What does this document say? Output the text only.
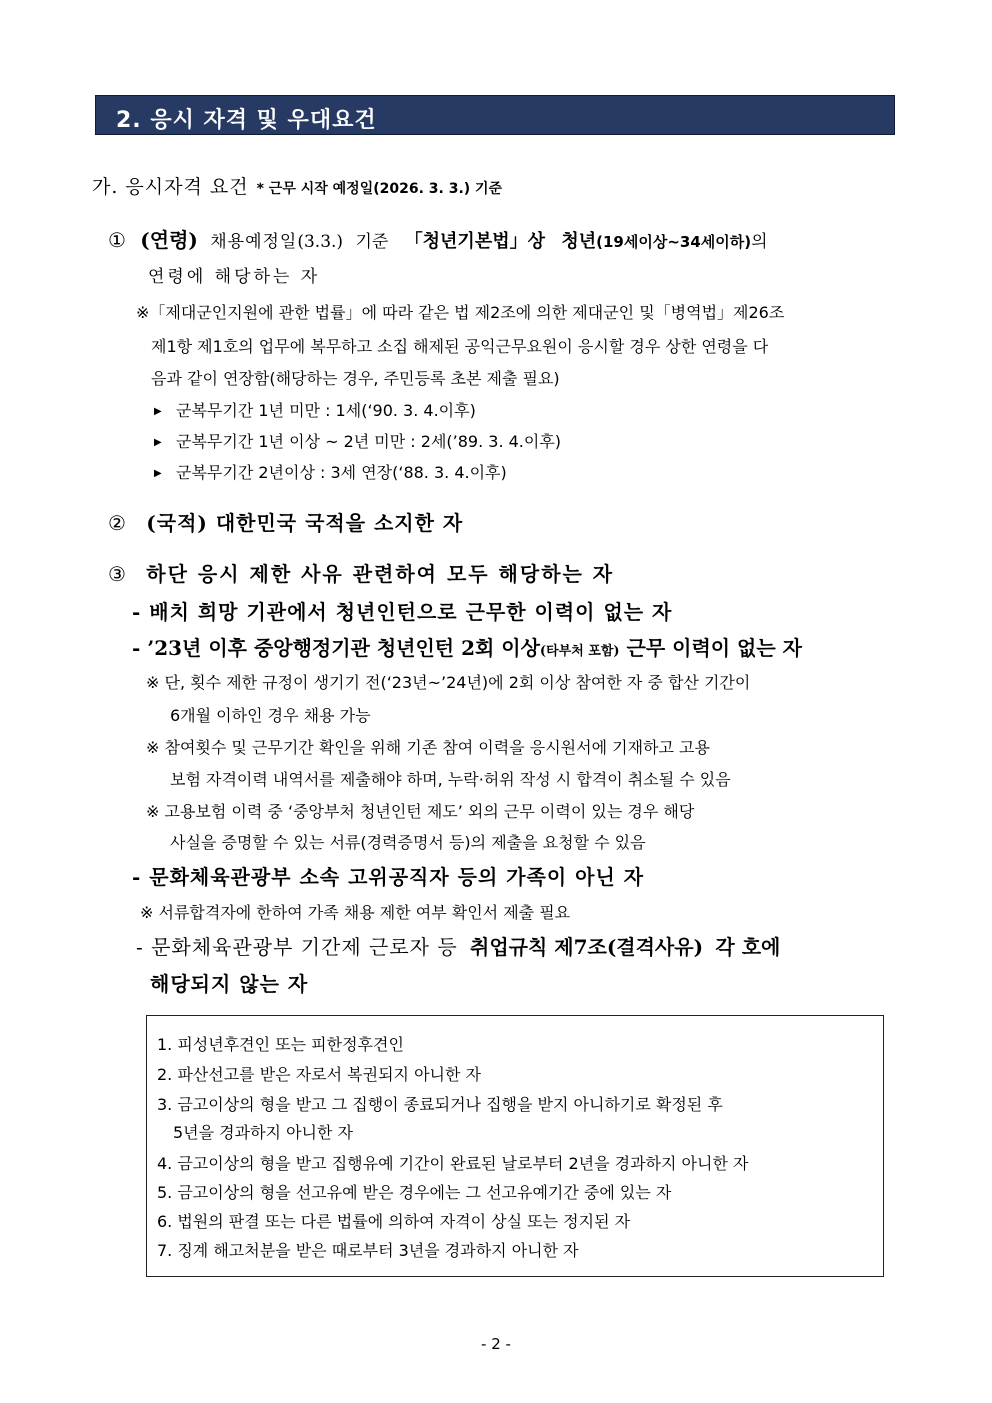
2. 응시 자격 및 우대요건
가. 응시자격 요건 * 근무 시작 예정일(2026. 3. 3.) 기준
① (연령) 채용예정일(3.3.) 기준 「청년기본법」상 청년(19세이상~34세이하)의
연령에 해당하는 자
※「제대군인지원에 관한 법률」에 따라 같은 법 제2조에 의한 제대군인 및「병역법」제26조
제1항 제1호의 업무에 복무하고 소집 해제된 공익근무요원이 응시할 경우 상한 연령을 다
음과 같이 연장함(해당하는 경우, 주민등록 초본 제출 필요)
▶ 군복무기간 1년 미만 : 1세(‘90. 3. 4.이후)
▶ 군복무기간 1년 이상 ~ 2년 미만 : 2세(’89. 3. 4.이후)
▶ 군복무기간 2년이상 : 3세 연장(‘88. 3. 4.이후)
② (국적) 대한민국 국적을 소지한 자
③ 하단 응시 제한 사유 관련하여 모두 해당하는 자
- 배치 희망 기관에서 청년인턴으로 근무한 이력이 없는 자
- ’23년 이후 중앙행정기관 청년인턴 2회 이상(타부처 포함) 근무 이력이 없는 자
※ 단, 횟수 제한 규정이 생기기 전(‘23년~’24년)에 2회 이상 참여한 자 중 합산 기간이
6개월 이하인 경우 채용 가능
※ 참여횟수 및 근무기간 확인을 위해 기존 참여 이력을 응시원서에 기재하고 고용
보험 자격이력 내역서를 제출해야 하며, 누락·허위 작성 시 합격이 취소될 수 있음
※ 고용보험 이력 중 ‘중앙부처 청년인턴 제도’ 외의 근무 이력이 있는 경우 해당
사실을 증명할 수 있는 서류(경력증명서 등)의 제출을 요청할 수 있음
- 문화체육관광부 소속 고위공직자 등의 가족이 아닌 자
※ 서류합격자에 한하여 가족 채용 제한 여부 확인서 제출 필요
- 문화체육관광부 기간제 근로자 등 취업규칙 제7조(결격사유) 각 호에
해당되지 않는 자
1. 피성년후견인 또는 피한정후견인
2. 파산선고를 받은 자로서 복권되지 아니한 자
3. 금고이상의 형을 받고 그 집행이 종료되거나 집행을 받지 아니하기로 확정된 후
5년을 경과하지 아니한 자
4. 금고이상의 형을 받고 집행유예 기간이 완료된 날로부터 2년을 경과하지 아니한 자
5. 금고이상의 형을 선고유예 받은 경우에는 그 선고유예기간 중에 있는 자
6. 법원의 판결 또는 다른 법률에 의하여 자격이 상실 또는 정지된 자
7. 징계 해고처분을 받은 때로부터 3년을 경과하지 아니한 자
- 2 -
